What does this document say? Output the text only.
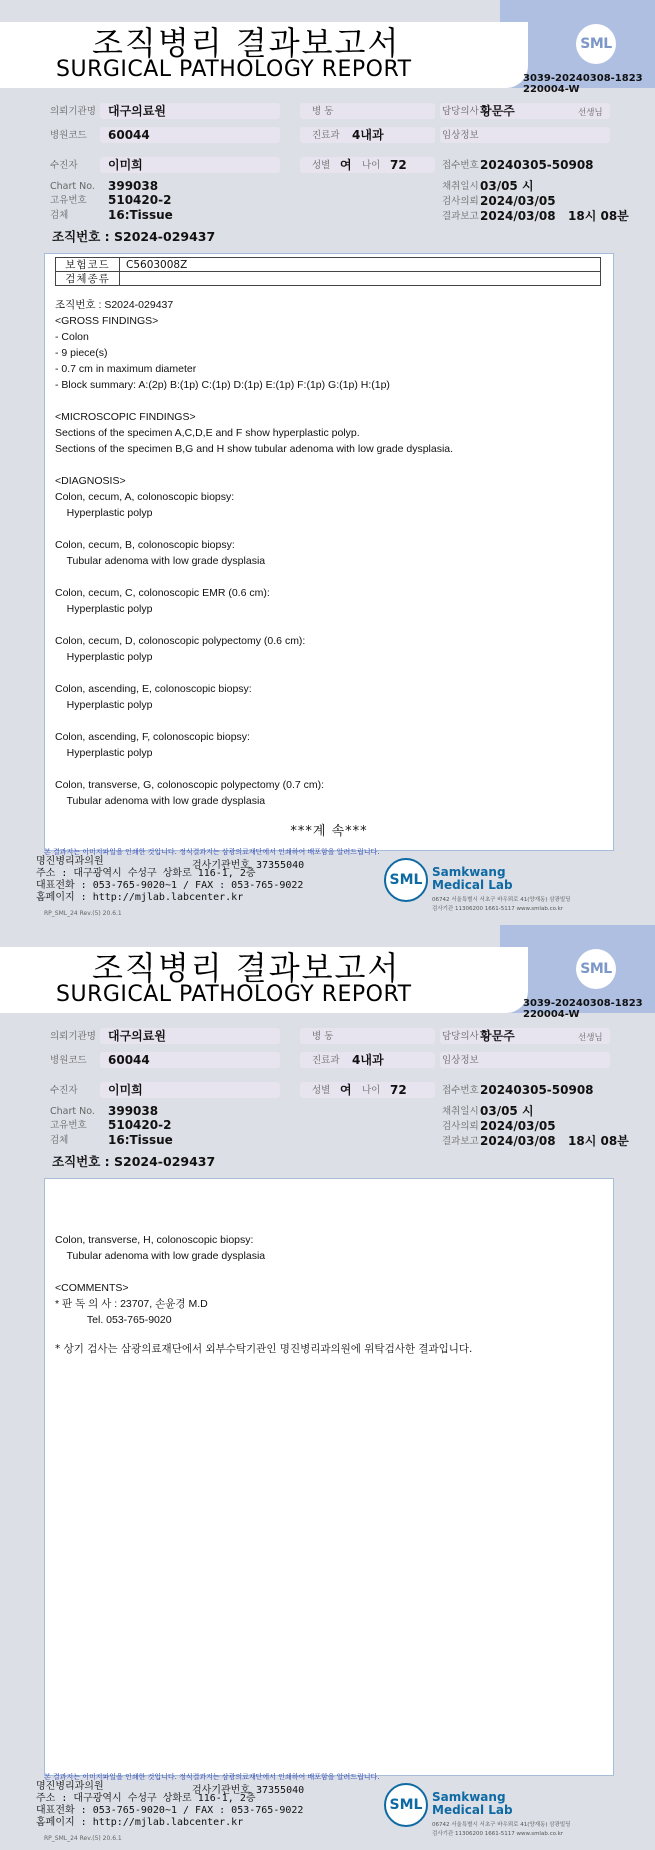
SML
조직병리 결과보고서
SURGICAL PATHOLOGY REPORT	3039-20240308-1823
220004-W
의뢰기관명 대구의료원
병원코드 60044
수진자	이미희
Chart No. 399038
고유번호 510420-2
검체	16:Tissue
병 동
진료과 4내과
성별 여 나이 72
담당의사 황문주	선생님
임상정보
접수번호 20240305-50908
채취일시 03/05 시
검사의뢰 2024/03/05
결과보고 2024/03/08 18시 08분
조직번호 : S2024-029437
보험코드	C5603008Z
검체종류	
조직번호 : S2024-029437
<GROSS FINDINGS>
- Colon
- 9 piece(s)
- 0.7 cm in maximum diameter
- Block summary: A:(2p) B:(1p) C:(1p) D:(1p) E:(1p) F:(1p) G:(1p) H:(1p)

<MICROSCOPIC FINDINGS>
Sections of the specimen A,C,D,E and F show hyperplastic polyp.
Sections of the specimen B,G and H show tubular adenoma with low grade dysplasia.

<DIAGNOSIS>
Colon, cecum, A, colonoscopic biopsy:
Hyperplastic polyp

Colon, cecum, B, colonoscopic biopsy:
Tubular adenoma with low grade dysplasia

Colon, cecum, C, colonoscopic EMR (0.6 cm):
Hyperplastic polyp

Colon, cecum, D, colonoscopic polypectomy (0.6 cm):
Hyperplastic polyp

Colon, ascending, E, colonoscopic biopsy:
Hyperplastic polyp

Colon, ascending, F, colonoscopic biopsy:
Hyperplastic polyp

Colon, transverse, G, colonoscopic polypectomy (0.7 cm):
Tubular adenoma with low grade dysplasia
***계 속***
본 결과지는 이미지파일을 인쇄한 것입니다. 정식결과지는 삼광의료재단에서 인쇄하여 배포함을 알려드립니다.
명진병리과의원
주소 : 대구광역시 수성구 상화로 116-1, 2층
대표전화 : 053-765-9020~1 / FAX : 053-765-9022
홈페이지 : http://mjlab.labcenter.kr
검사기관번호 37355040
RP_SML_24 Rev.(5) 20.6.1
SML Samkwang
Medical Lab
06742 서울특별시 서초구 바우뫼로 41(양재동) 삼광빌딩
검사기관 11306200 1661-5117 www.smlab.co.kr
SML
조직병리 결과보고서
SURGICAL PATHOLOGY REPORT	3039-20240308-1823
220004-W
의뢰기관명 대구의료원
병원코드 60044
수진자	이미희
Chart No. 399038
고유번호 510420-2
검체	16:Tissue
병 동
진료과 4내과
성별 여 나이 72
담당의사 황문주	선생님
임상정보
접수번호 20240305-50908
채취일시 03/05 시
검사의뢰 2024/03/05
결과보고 2024/03/08 18시 08분
조직번호 : S2024-029437
Colon, transverse, H, colonoscopic biopsy:
Tubular adenoma with low grade dysplasia

<COMMENTS>
* 판 독 의 사 : 23707, 손윤경 M.D
Tel. 053-765-9020
* 상기 검사는 삼광의료재단에서 외부수탁기관인 명진병리과의원에 위탁검사한 결과입니다.
본 결과지는 이미지파일을 인쇄한 것입니다. 정식결과지는 삼광의료재단에서 인쇄하여 배포함을 알려드립니다.
명진병리과의원
주소 : 대구광역시 수성구 상화로 116-1, 2층
대표전화 : 053-765-9020~1 / FAX : 053-765-9022
홈페이지 : http://mjlab.labcenter.kr
검사기관번호 37355040
RP_SML_24 Rev.(5) 20.6.1
SML Samkwang
Medical Lab
06742 서울특별시 서초구 바우뫼로 41(양재동) 삼광빌딩
검사기관 11306200 1661-5117 www.smlab.co.kr
